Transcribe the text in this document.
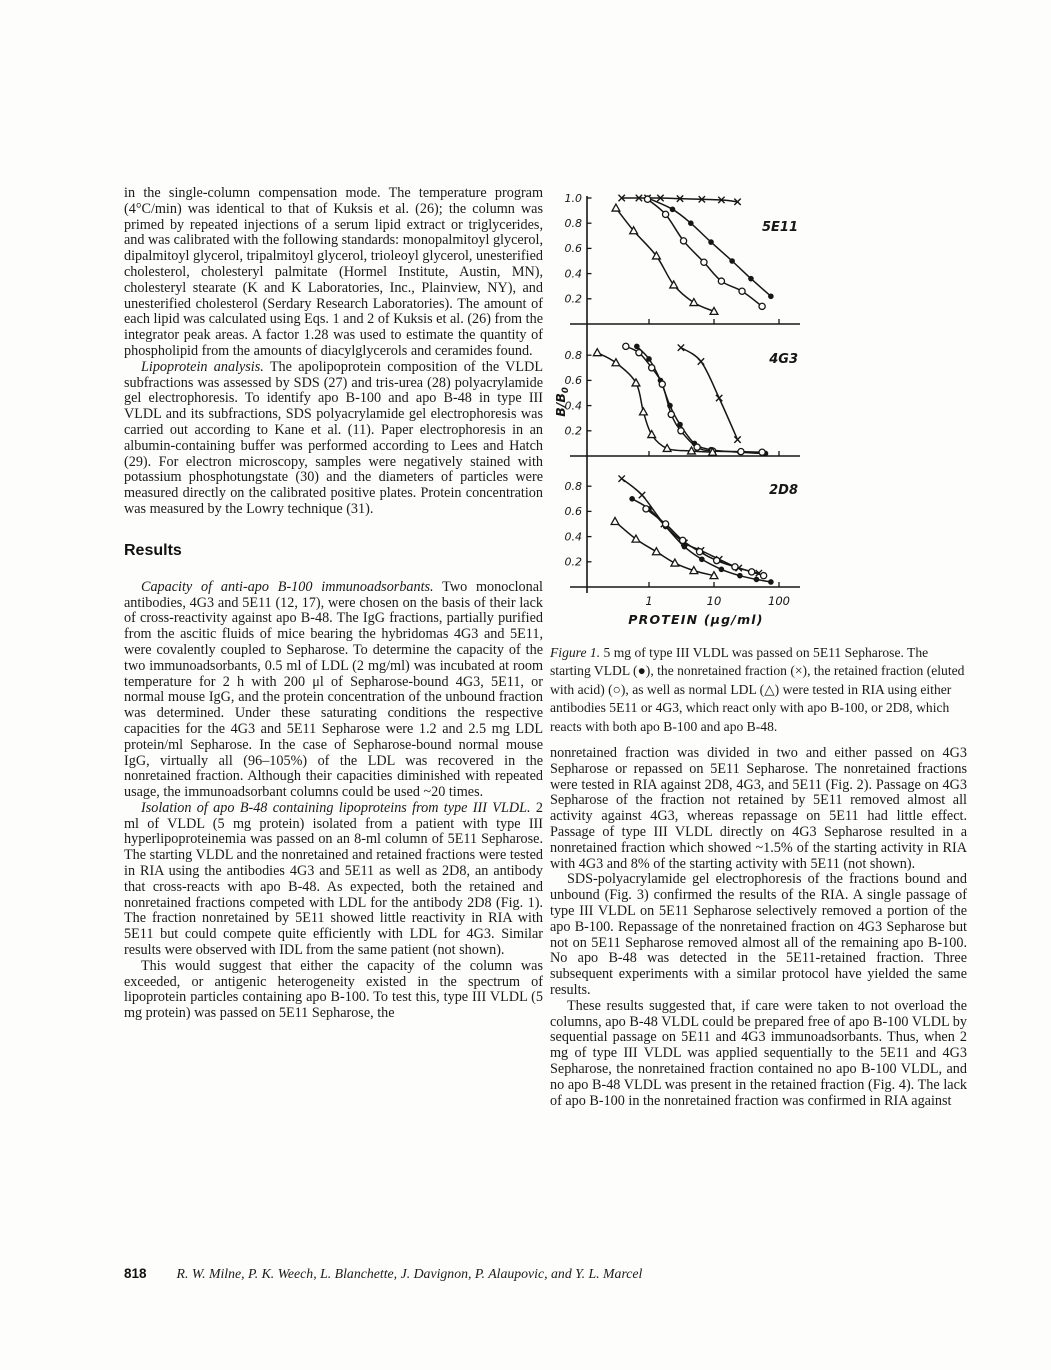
in the single-column compensation mode. The temperature program (4°C/min) was identical to that of Kuksis et al. (26); the column was primed by repeated injections of a serum lipid extract or triglycerides, and was calibrated with the following standards: monopalmitoyl glycerol, dipalmitoyl glycerol, tripalmitoyl glycerol, trioleoyl glycerol, unesterified cholesterol, cholesteryl palmitate (Hormel Institute, Austin, MN), cholesteryl stearate (K and K Laboratories, Inc., Plainview, NY), and unesterified cholesterol (Serdary Research Laboratories). The amount of each lipid was calculated using Eqs. 1 and 2 of Kuksis et al. (26) from the integrator peak areas. A factor 1.28 was used to estimate the quantity of phospholipid from the amounts of diacylglycerols and ceramides found.

Lipoprotein analysis. The apolipoprotein composition of the VLDL subfractions was assessed by SDS (27) and tris-urea (28) polyacrylamide gel electrophoresis. To identify apo B-100 and apo B-48 in type III VLDL and its subfractions, SDS polyacrylamide gel electrophoresis was carried out according to Kane et al. (11). Paper electrophoresis in an albumin-containing buffer was performed according to Lees and Hatch (29). For electron microscopy, samples were negatively stained with potassium phosphotungstate (30) and the diameters of particles were measured directly on the calibrated positive plates. Protein concentration was measured by the Lowry technique (31).

Results

Capacity of anti-apo B-100 immunoadsorbants. Two monoclonal antibodies, 4G3 and 5E11 (12, 17), were chosen on the basis of their lack of cross-reactivity against apo B-48. The IgG fractions, partially purified from the ascitic fluids of mice bearing the hybridomas 4G3 and 5E11, were covalently coupled to Sepharose. To determine the capacity of the two immunoadsorbants, 0.5 ml of LDL (2 mg/ml) was incubated at room temperature for 2 h with 200 μl of Sepharose-bound 4G3, 5E11, or normal mouse IgG, and the protein concentration of the unbound fraction was determined. Under these saturating conditions the respective capacities for the 4G3 and 5E11 Sepharose were 1.2 and 2.5 mg LDL protein/ml Sepharose. In the case of Sepharose-bound normal mouse IgG, virtually all (96–105%) of the LDL was recovered in the nonretained fraction. Although their capacities diminished with repeated usage, the immunoadsorbant columns could be used ~20 times.

Isolation of apo B-48 containing lipoproteins from type III VLDL. 2 ml of VLDL (5 mg protein) isolated from a patient with type III hyperlipoproteinemia was passed on an 8-ml column of 5E11 Sepharose. The starting VLDL and the nonretained and retained fractions were tested in RIA using the antibodies 4G3 and 5E11 as well as 2D8, an antibody that cross-reacts with apo B-48. As expected, both the retained and nonretained fractions competed with LDL for the antibody 2D8 (Fig. 1). The fraction nonretained by 5E11 showed little reactivity in RIA with 5E11 but could compete quite efficiently with LDL for 4G3. Similar results were observed with IDL from the same patient (not shown).

This would suggest that either the capacity of the column was exceeded, or antigenic heterogeneity existed in the spectrum of lipoprotein particles containing apo B-100. To test this, type III VLDL (5 mg protein) was passed on 5E11 Sepharose, the

0.2
0.4
0.6
0.8
1.0
5E11
0.2
0.4
0.6
0.8	4G3
0.2
0.4
0.6
0.8	2D8
1	10	100
PROTEIN (μg/ml)
$B/B_0$

Figure 1. 5 mg of type III VLDL was passed on 5E11 Sepharose. The starting VLDL (●), the nonretained fraction (×), the retained fraction (eluted with acid) (○), as well as normal LDL (△) were tested in RIA using either antibodies 5E11 or 4G3, which react only with apo B-100, or 2D8, which reacts with both apo B-100 and apo B-48.

nonretained fraction was divided in two and either passed on 4G3 Sepharose or repassed on 5E11 Sepharose. The nonretained fractions were tested in RIA against 2D8, 4G3, and 5E11 (Fig. 2). Passage on 4G3 Sepharose of the fraction not retained by 5E11 removed almost all activity against 4G3, whereas repassage on 5E11 had little effect. Passage of type III VLDL directly on 4G3 Sepharose resulted in a nonretained fraction which showed ~1.5% of the starting activity in RIA with 4G3 and 8% of the starting activity with 5E11 (not shown).

SDS-polyacrylamide gel electrophoresis of the fractions bound and unbound (Fig. 3) confirmed the results of the RIA. A single passage of type III VLDL on 5E11 Sepharose selectively removed a portion of the apo B-100. Repassage of the nonretained fraction on 4G3 Sepharose but not on 5E11 Sepharose removed almost all of the remaining apo B-100. No apo B-48 was detected in the 5E11-retained fraction. Three subsequent experiments with a similar protocol have yielded the same results.

These results suggested that, if care were taken to not overload the columns, apo B-48 VLDL could be prepared free of apo B-100 VLDL by sequential passage on 5E11 and 4G3 immunoadsorbants. Thus, when 2 mg of type III VLDL was applied sequentially to the 5E11 and 4G3 Sepharose, the nonretained fraction contained no apo B-100 VLDL, and no apo B-48 VLDL was present in the retained fraction (Fig. 4). The lack of apo B-100 in the nonretained fraction was confirmed in RIA against

818 R. W. Milne, P. K. Weech, L. Blanchette, J. Davignon, P. Alaupovic, and Y. L. Marcel
